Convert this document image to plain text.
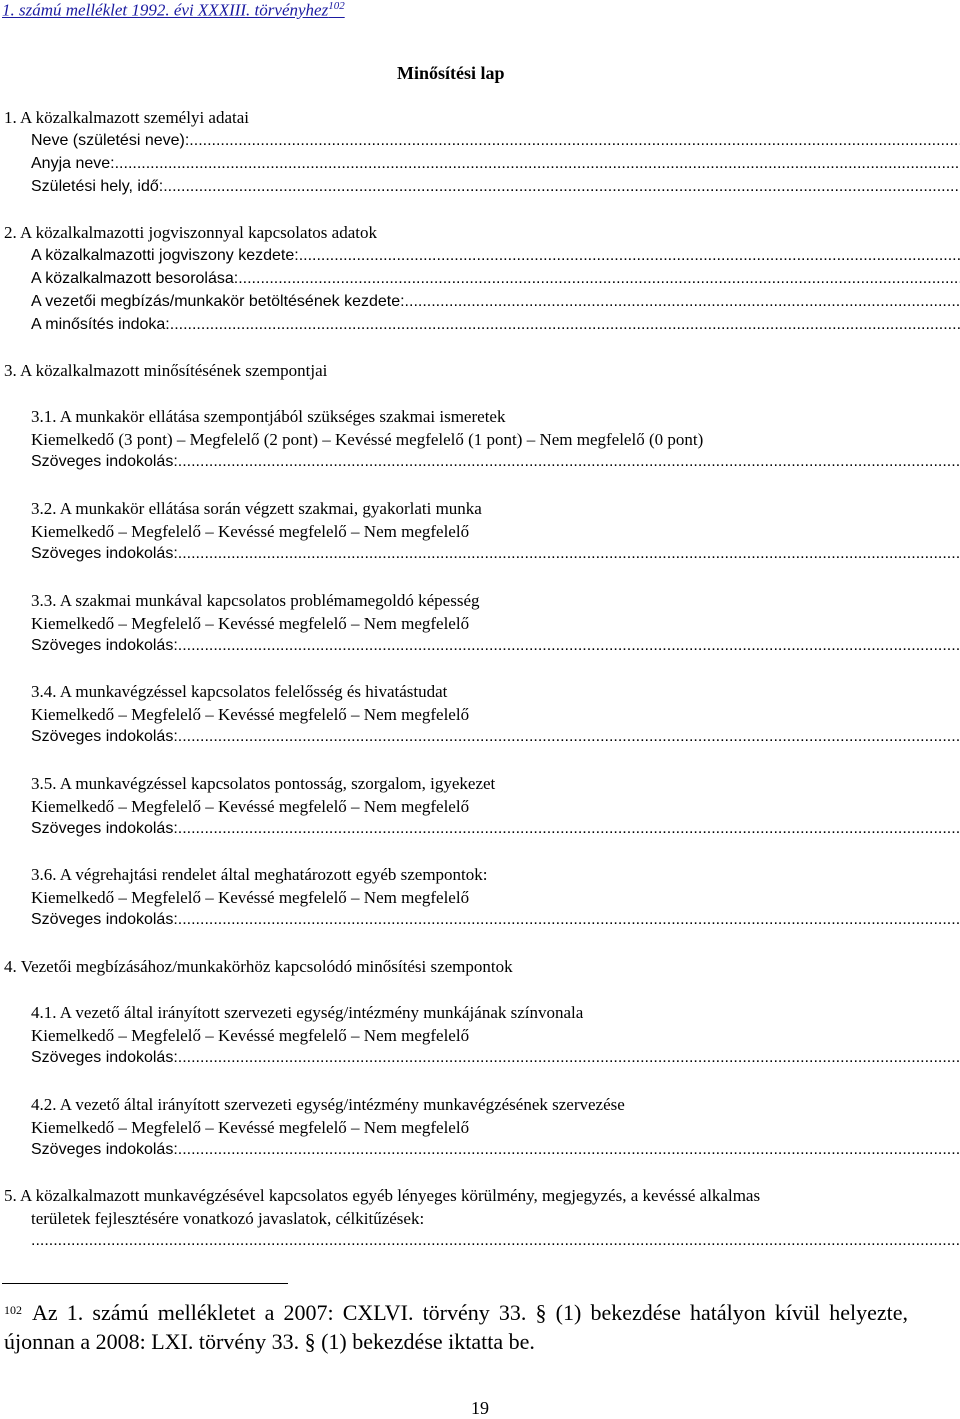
1. számú melléklet 1992. évi XXXIII. törvényhez$^{102}$
Minősítési lap
1. A közalkalmazott személyi adatai
Neve (születési neve):
.....
Anyja neve:
.....
Születési hely, idő:
.....
2. A közalkalmazotti jogviszonnyal kapcsolatos adatok
A közalkalmazotti jogviszony kezdete:
.....
A közalkalmazott besorolása:
.....
A vezetői megbízás/munkakör betöltésének kezdete:
.....
A minősítés indoka:
.....
3. A közalkalmazott minősítésének szempontjai
3.1. A munkakör ellátása szempontjából szükséges szakmai ismeretek
Kiemelkedő (3 pont) – Megfelelő (2 pont) – Kevéssé megfelelő (1 pont) – Nem megfelelő (0 pont)
Szöveges indokolás:
.....
3.2. A munkakör ellátása során végzett szakmai, gyakorlati munka
Kiemelkedő – Megfelelő – Kevéssé megfelelő – Nem megfelelő
Szöveges indokolás:
.....
3.3. A szakmai munkával kapcsolatos problémamegoldó képesség
Kiemelkedő – Megfelelő – Kevéssé megfelelő – Nem megfelelő
Szöveges indokolás:
.....
3.4. A munkavégzéssel kapcsolatos felelősség és hivatástudat
Kiemelkedő – Megfelelő – Kevéssé megfelelő – Nem megfelelő
Szöveges indokolás:
.....
3.5. A munkavégzéssel kapcsolatos pontosság, szorgalom, igyekezet
Kiemelkedő – Megfelelő – Kevéssé megfelelő – Nem megfelelő
Szöveges indokolás:
.....
3.6. A végrehajtási rendelet által meghatározott egyéb szempontok:
Kiemelkedő – Megfelelő – Kevéssé megfelelő – Nem megfelelő
Szöveges indokolás:
.....
4. Vezetői megbízásához/munkakörhöz kapcsolódó minősítési szempontok
4.1. A vezető által irányított szervezeti egység/intézmény munkájának színvonala
Kiemelkedő – Megfelelő – Kevéssé megfelelő – Nem megfelelő
Szöveges indokolás:
.....
4.2. A vezető által irányított szervezeti egység/intézmény munkavégzésének szervezése
Kiemelkedő – Megfelelő – Kevéssé megfelelő – Nem megfelelő
Szöveges indokolás:
.....
5. A közalkalmazott munkavégzésével kapcsolatos egyéb lényeges körülmény, megjegyzés, a kevéssé alkalmas
területek fejlesztésére vonatkozó javaslatok, célkitűzések:
.....
$^{102}$ Az 1. számú mellékletet a 2007: CXLVI. törvény 33. § (1) bekezdése hatályon kívül helyezte, újonnan a 2008: LXI. törvény 33. § (1) bekezdése iktatta be.
19
